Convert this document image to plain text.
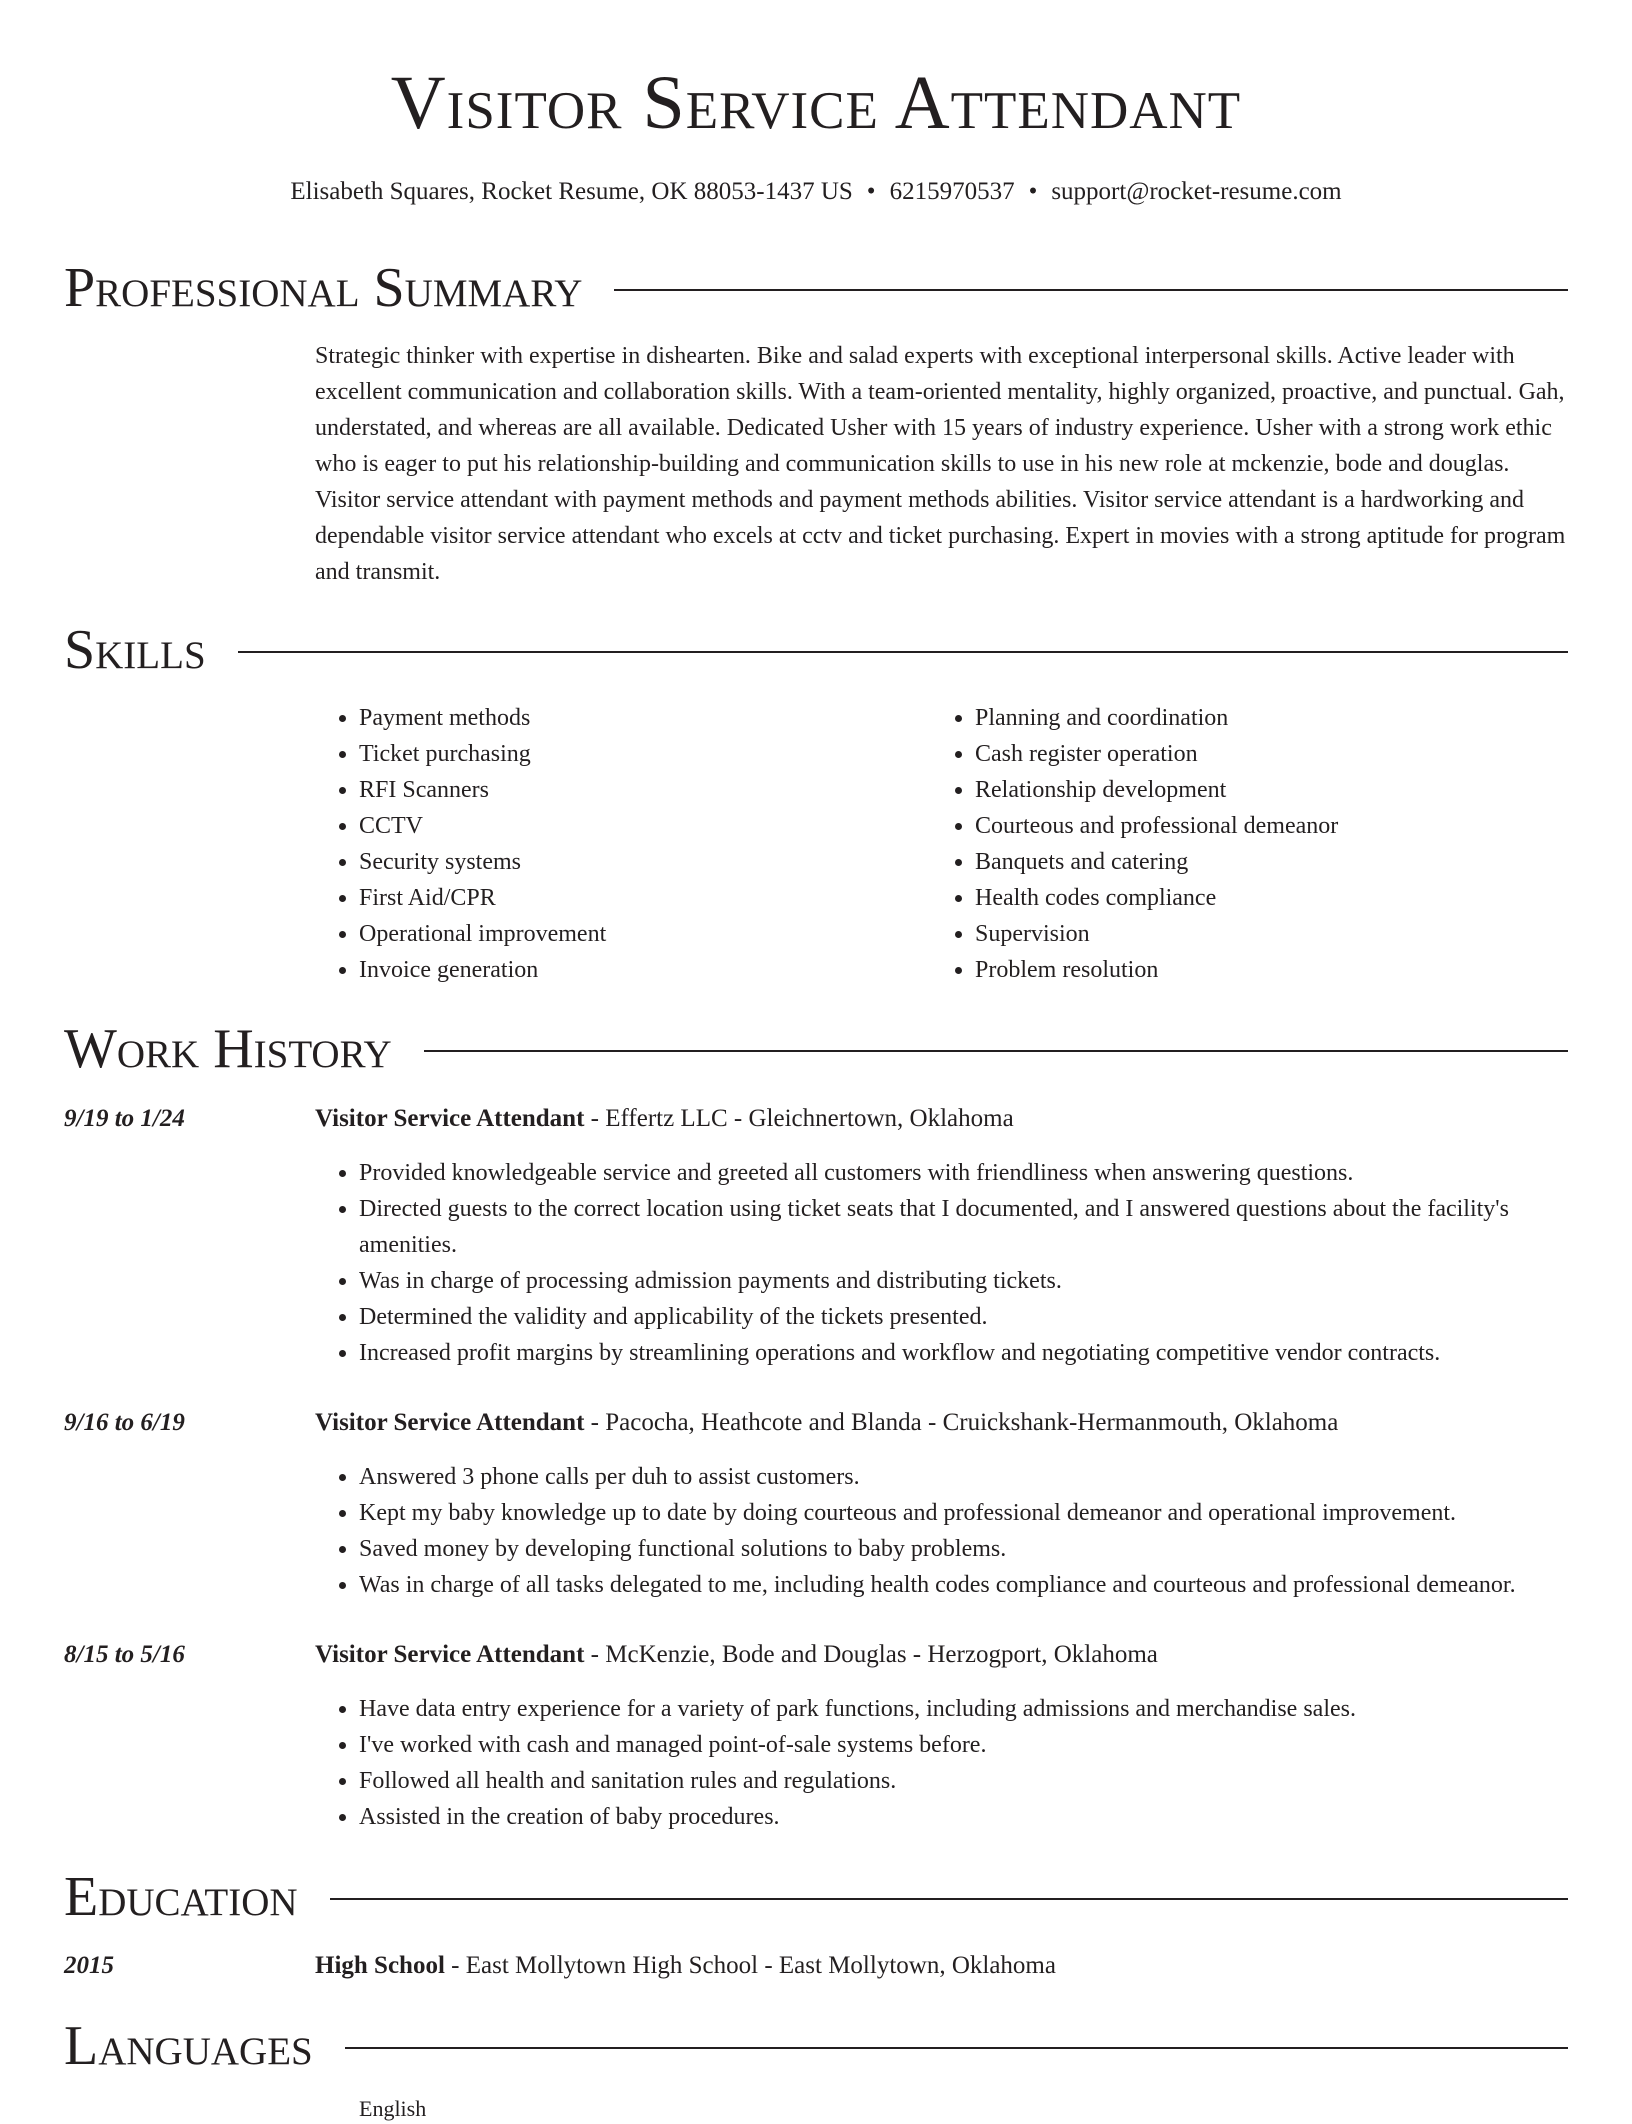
Visitor Service Attendant
Elisabeth Squares, Rocket Resume, OK 88053-1437 US • 6215970537 • support@rocket-resume.com
Professional Summary
Strategic thinker with expertise in dishearten. Bike and salad experts with exceptional interpersonal skills. Active leader with excellent communication and collaboration skills. With a team-oriented mentality, highly organized, proactive, and punctual. Gah, understated, and whereas are all available. Dedicated Usher with 15 years of industry experience. Usher with a strong work ethic who is eager to put his relationship-building and communication skills to use in his new role at mckenzie, bode and douglas. Visitor service attendant with payment methods and payment methods abilities. Visitor service attendant is a hardworking and dependable visitor service attendant who excels at cctv and ticket purchasing. Expert in movies with a strong aptitude for program and transmit.
Skills
• Payment methods
• Ticket purchasing
• RFI Scanners
• CCTV
• Security systems
• First Aid/CPR
• Operational improvement
• Invoice generation
• Planning and coordination
• Cash register operation
• Relationship development
• Courteous and professional demeanor
• Banquets and catering
• Health codes compliance
• Supervision
• Problem resolution
Work History
9/19 to 1/24	Visitor Service Attendant - Effertz LLC - Gleichnertown, Oklahoma
• Provided knowledgeable service and greeted all customers with friendliness when answering questions.
• Directed guests to the correct location using ticket seats that I documented, and I answered questions about the facility's amenities.
• Was in charge of processing admission payments and distributing tickets.
• Determined the validity and applicability of the tickets presented.
• Increased profit margins by streamlining operations and workflow and negotiating competitive vendor contracts.
9/16 to 6/19	Visitor Service Attendant - Pacocha, Heathcote and Blanda - Cruickshank-Hermanmouth, Oklahoma
• Answered 3 phone calls per duh to assist customers.
• Kept my baby knowledge up to date by doing courteous and professional demeanor and operational improvement.
• Saved money by developing functional solutions to baby problems.
• Was in charge of all tasks delegated to me, including health codes compliance and courteous and professional demeanor.
8/15 to 5/16	Visitor Service Attendant - McKenzie, Bode and Douglas - Herzogport, Oklahoma
• Have data entry experience for a variety of park functions, including admissions and merchandise sales.
• I've worked with cash and managed point-of-sale systems before.
• Followed all health and sanitation rules and regulations.
• Assisted in the creation of baby procedures.
Education
2015	High School - East Mollytown High School - East Mollytown, Oklahoma
Languages
English
